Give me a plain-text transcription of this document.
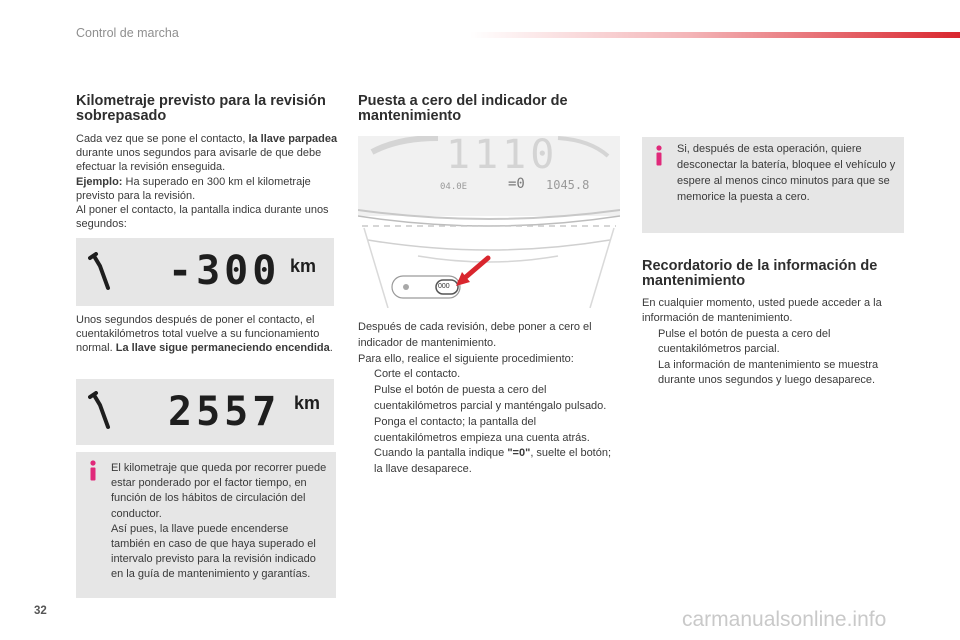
Control de marcha
Kilometraje previsto para la revisión sobrepasado
Cada vez que se pone el contacto, la llave parpadea durante unos segundos para avisarle de que debe efectuar la revisión enseguida.
Ejemplo: Ha superado en 300 km el kilometraje previsto para la revisión.
Al poner el contacto, la pantalla indica durante unos segundos:
-300 km
Unos segundos después de poner el contacto, el cuentakilómetros total vuelve a su funcionamiento normal. La llave sigue permaneciendo encendida.
2557 km
El kilometraje que queda por recorrer puede estar ponderado por el factor tiempo, en función de los hábitos de circulación del conductor.
Así pues, la llave puede encenderse también en caso de que haya superado el intervalo previsto para la revisión indicado en la guía de mantenimiento y garantías.
Puesta a cero del indicador de mantenimiento
1110
04.0E	=0 1045.8
000
Después de cada revisión, debe poner a cero el indicador de mantenimiento.
Para ello, realice el siguiente procedimiento:
Corte el contacto.
Pulse el botón de puesta a cero del cuentakilómetros parcial y manténgalo pulsado.
Ponga el contacto; la pantalla del cuentakilómetros empieza una cuenta atrás.
Cuando la pantalla indique "=0", suelte el botón; la llave desaparece.
Si, después de esta operación, quiere desconectar la batería, bloquee el vehículo y espere al menos cinco minutos para que se memorice la puesta a cero.
Recordatorio de la información de mantenimiento
En cualquier momento, usted puede acceder a la información de mantenimiento.
Pulse el botón de puesta a cero del cuentakilómetros parcial.
La información de mantenimiento se muestra durante unos segundos y luego desaparece.
32	carmanualsonline.info
